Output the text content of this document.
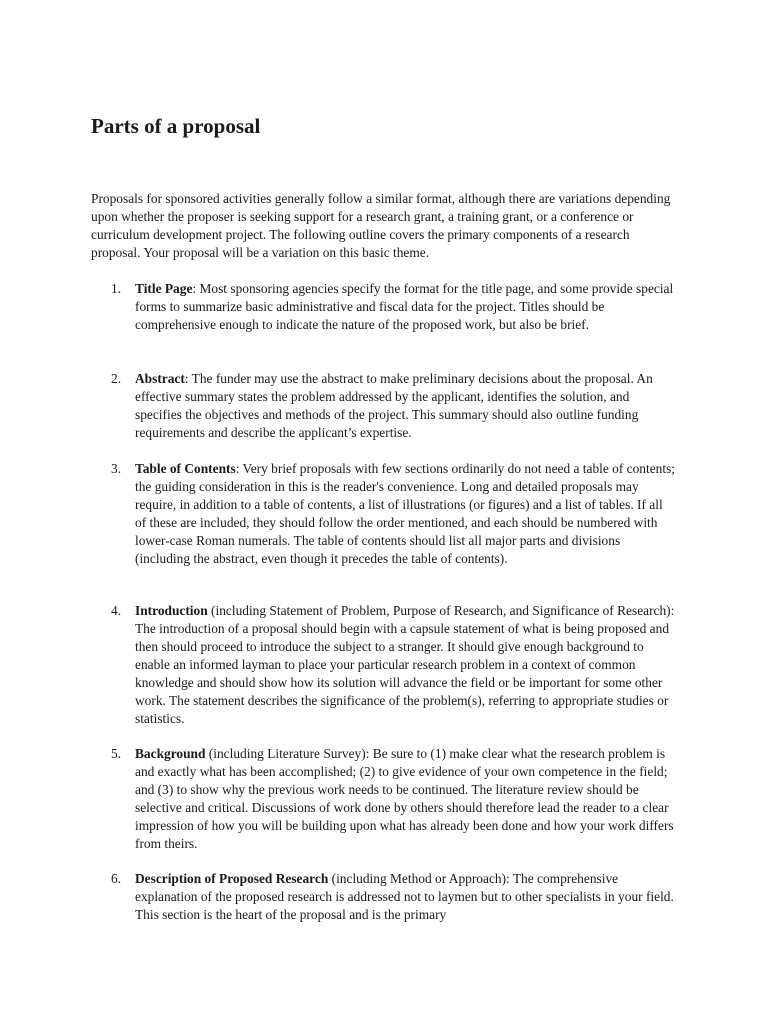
Parts of a proposal

Proposals for sponsored activities generally follow a similar format, although there are variations depending upon whether the proposer is seeking support for a research grant, a training grant, or a conference or curriculum development project. The following outline covers the primary components of a research proposal. Your proposal will be a variation on this basic theme.

1.	Title Page: Most sponsoring agencies specify the format for the title page, and some provide special forms to summarize basic administrative and fiscal data for the project. Titles should be comprehensive enough to indicate the nature of the proposed work, but also be brief.
2.	Abstract: The funder may use the abstract to make preliminary decisions about the proposal. An effective summary states the problem addressed by the applicant, identifies the solution, and specifies the objectives and methods of the project. This summary should also outline funding requirements and describe the applicant’s expertise.
3.	Table of Contents: Very brief proposals with few sections ordinarily do not need a table of contents; the guiding consideration in this is the reader's convenience. Long and detailed proposals may require, in addition to a table of contents, a list of illustrations (or figures) and a list of tables. If all of these are included, they should follow the order mentioned, and each should be numbered with lower-case Roman numerals. The table of contents should list all major parts and divisions (including the abstract, even though it precedes the table of contents).
4.	Introduction (including Statement of Problem, Purpose of Research, and Significance of Research): The introduction of a proposal should begin with a capsule statement of what is being proposed and then should proceed to introduce the subject to a stranger. It should give enough background to enable an informed layman to place your particular research problem in a context of common knowledge and should show how its solution will advance the field or be important for some other work. The statement describes the significance of the problem(s), referring to appropriate studies or statistics.
5.	Background (including Literature Survey): Be sure to (1) make clear what the research problem is and exactly what has been accomplished; (2) to give evidence of your own competence in the field; and (3) to show why the previous work needs to be continued. The literature review should be selective and critical. Discussions of work done by others should therefore lead the reader to a clear impression of how you will be building upon what has already been done and how your work differs from theirs.
6.	Description of Proposed Research (including Method or Approach): The comprehensive explanation of the proposed research is addressed not to laymen but to other specialists in your field. This section is the heart of the proposal and is the primary
